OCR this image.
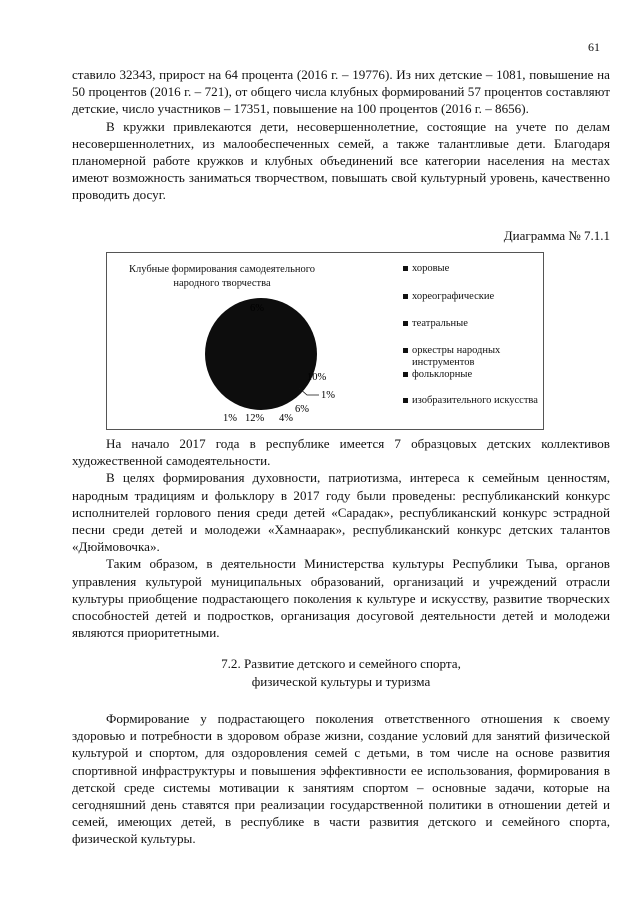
61

ставило 32343, прирост на 64 процента (2016 г. – 19776). Из них детские – 1081, повышение на 50 процентов (2016 г. – 721), от общего числа клубных формирований 57 процентов составляют детские, число участников – 17351, повышение на 100 процентов (2016 г. – 8656).

В кружки привлекаются дети, несовершеннолетние, состоящие на учете по делам несовершеннолетних, из малообеспеченных семей, а также талантливые дети. Благодаря планомерной работе кружков и клубных объединений все категории населения на местах имеют возможность заниматься творчеством, повышать свой культурный уровень, качественно проводить досуг.

Диаграмма № 7.1.1
6%
10%
1%
6%
4%
12%
1%
Клубные формирования самодеятельного народного творчества
хоровые
хореографические
театральные
оркестры народных инструментов
фольклорные
изобразительного искусства

На начало 2017 года в республике имеется 7 образцовых детских коллективов художественной самодеятельности.

В целях формирования духовности, патриотизма, интереса к семейным ценностям, народным традициям и фольклору в 2017 году были проведены: республиканский конкурс исполнителей горлового пения среди детей «Сарадак», республиканский конкурс эстрадной песни среди детей и молодежи «Хамнаарак», республиканский конкурс детских талантов «Дюймовочка».

Таким образом, в деятельности Министерства культуры Республики Тыва, органов управления культурой муниципальных образований, организаций и учреждений отрасли культуры приобщение подрастающего поколения к культуре и искусству, развитие творческих способностей детей и подростков, организация досуговой деятельности детей и молодежи являются приоритетными.

7.2. Развитие детского и семейного спорта,
физической культуры и туризма

Формирование у подрастающего поколения ответственного отношения к своему здоровью и потребности в здоровом образе жизни, создание условий для занятий физической культурой и спортом, для оздоровления семей с детьми, в том числе на основе развития спортивной инфраструктуры и повышения эффективности ее использования, формирования в детской среде системы мотивации к занятиям спортом – основные задачи, которые на сегодняшний день ставятся при реализации государственной политики в отношении детей и семей, имеющих детей, в республике в части развития детского и семейного спорта, физической культуры.
